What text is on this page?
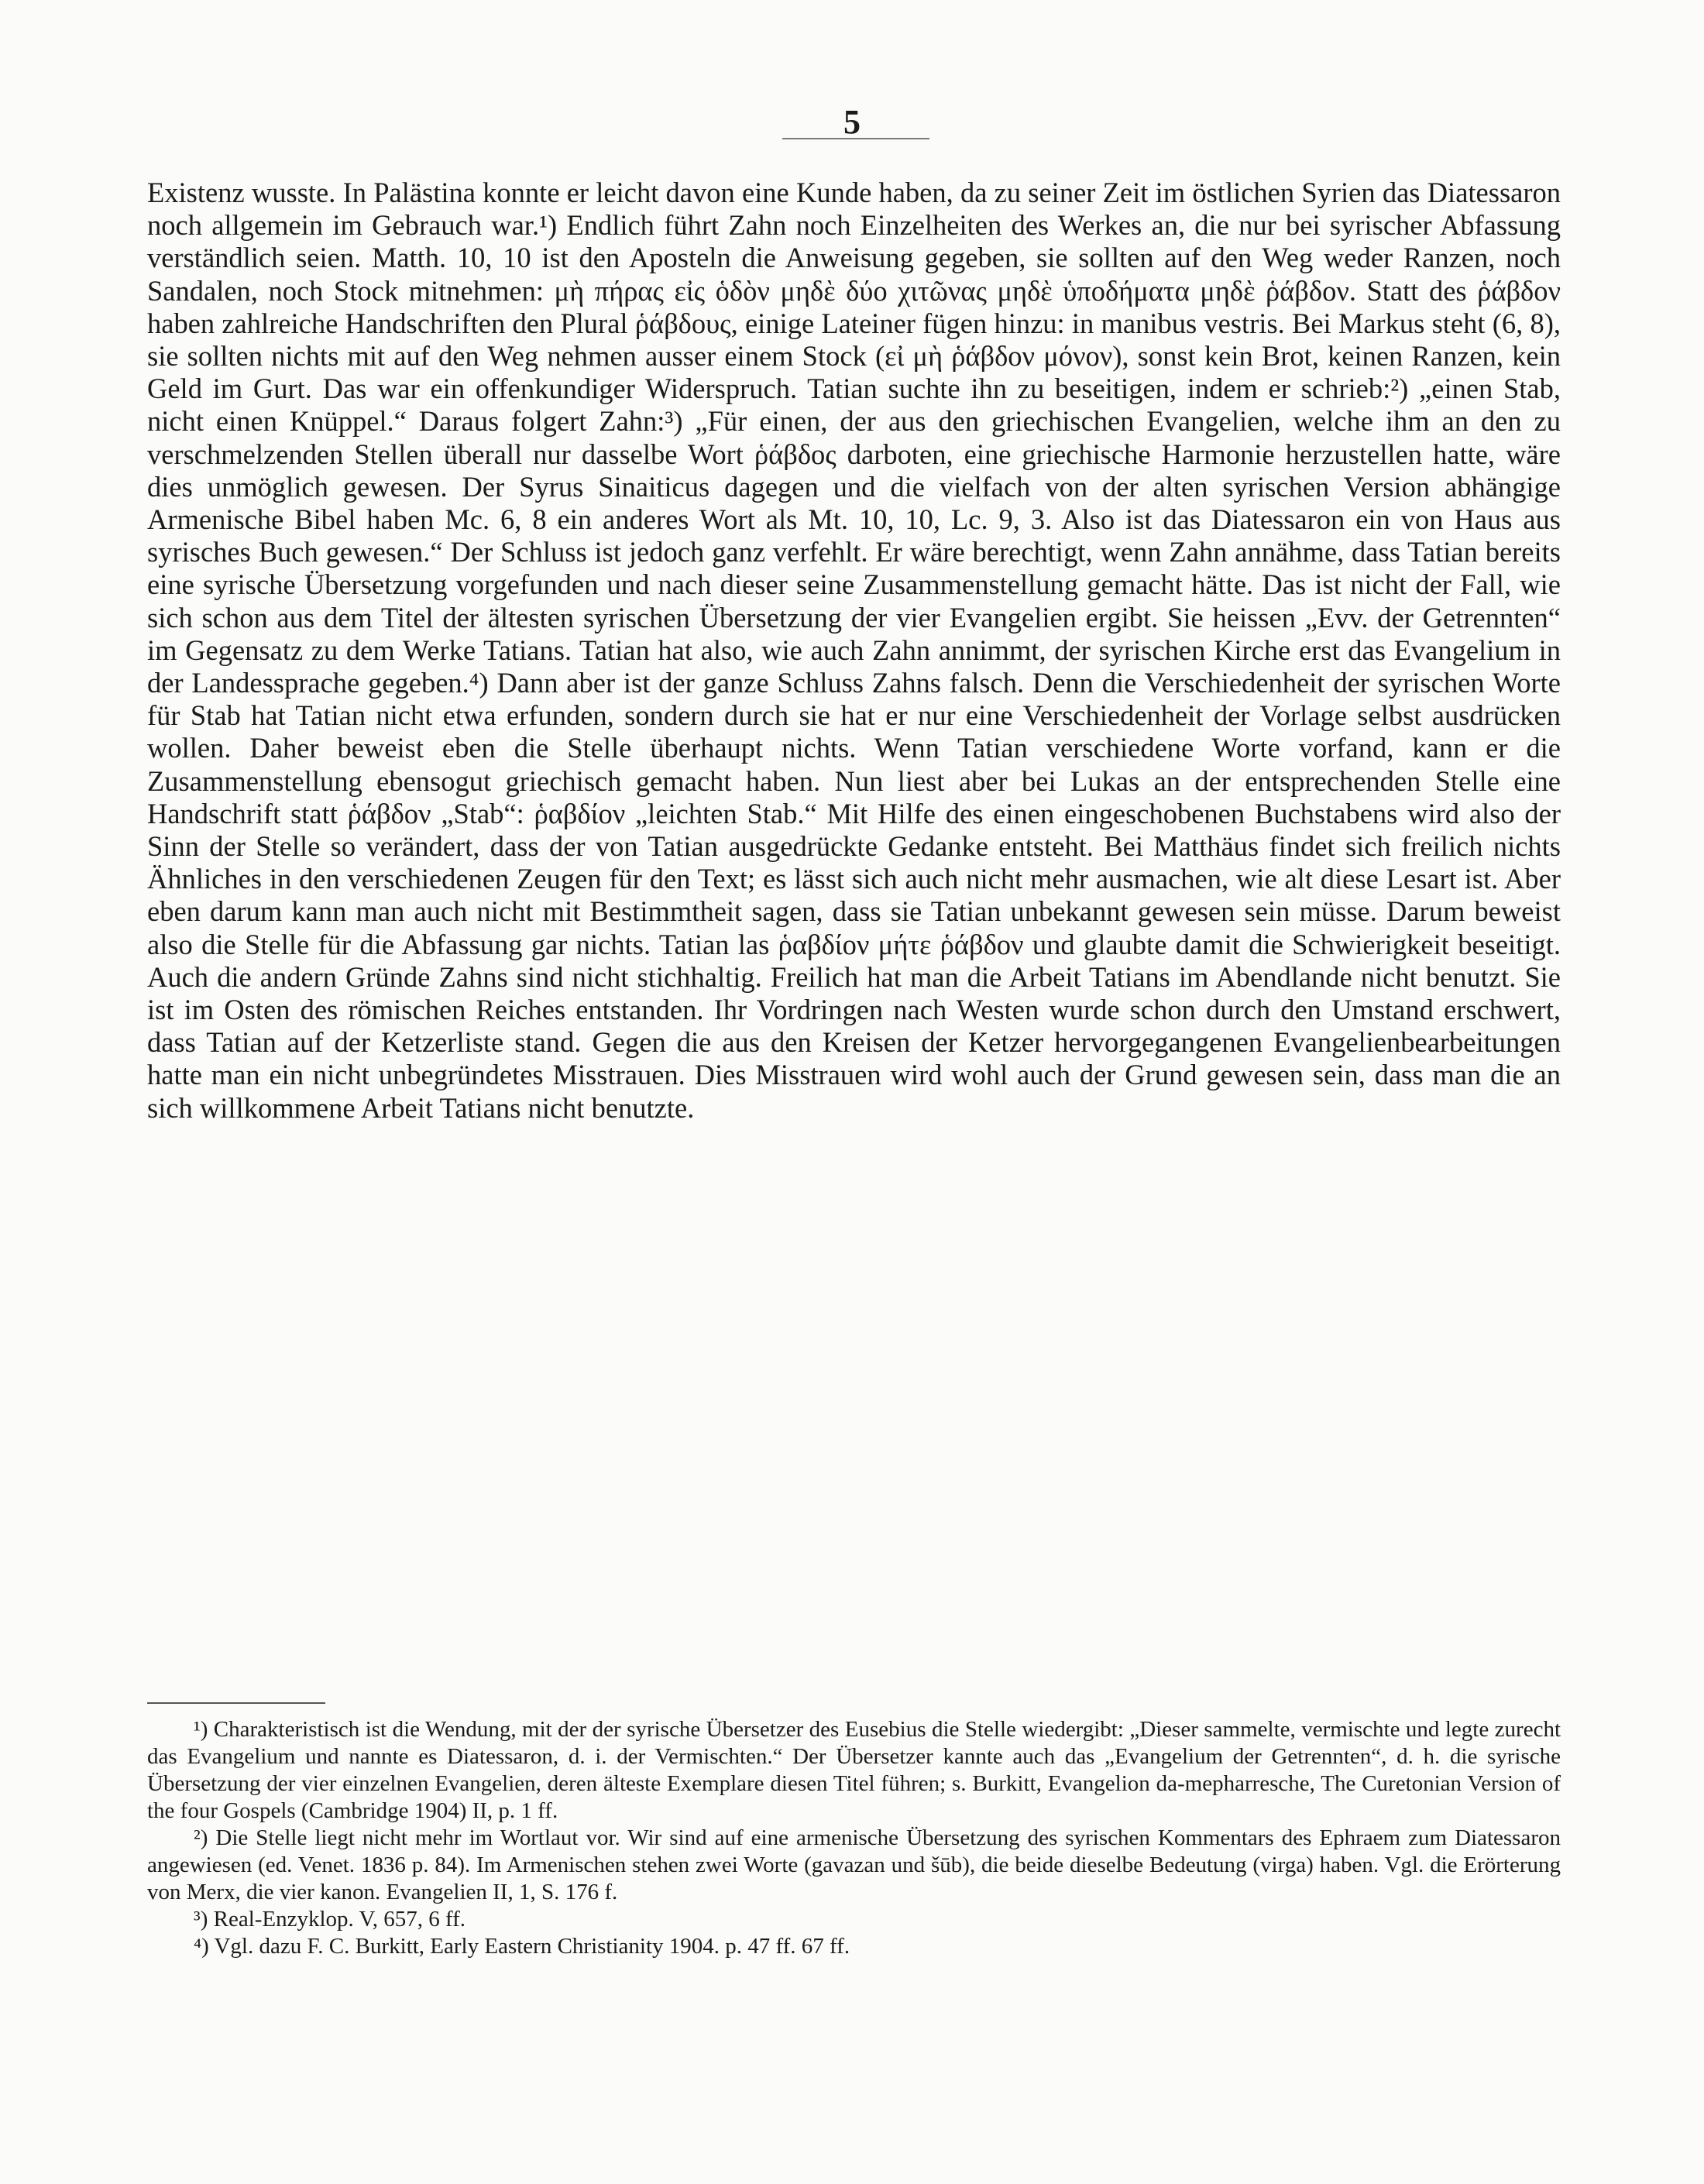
5

Existenz wusste. In Palästina konnte er leicht davon eine Kunde haben, da zu seiner Zeit im östlichen Syrien das Diatessaron noch allgemein im Gebrauch war.¹) Endlich führt Zahn noch Einzelheiten des Werkes an, die nur bei syrischer Abfassung verständlich seien. Matth. 10, 10 ist den Aposteln die Anweisung gegeben, sie sollten auf den Weg weder Ranzen, noch Sandalen, noch Stock mitnehmen: μὴ πήρας εἰς ὁδὸν μηδὲ δύο χιτῶνας μηδὲ ὑποδήματα μηδὲ ῥάβδον. Statt des ῥάβδον haben zahlreiche Handschriften den Plural ῥάβδους, einige Lateiner fügen hinzu: in manibus vestris. Bei Markus steht (6, 8), sie sollten nichts mit auf den Weg nehmen ausser einem Stock (εἰ μὴ ῥάβδον μόνον), sonst kein Brot, keinen Ranzen, kein Geld im Gurt. Das war ein offenkundiger Widerspruch. Tatian suchte ihn zu beseitigen, indem er schrieb:²) „einen Stab, nicht einen Knüppel.“ Daraus folgert Zahn:³) „Für einen, der aus den griechischen Evangelien, welche ihm an den zu verschmelzenden Stellen überall nur dasselbe Wort ῥάβδος darboten, eine griechische Harmonie herzustellen hatte, wäre dies unmöglich gewesen. Der Syrus Sinaiticus dagegen und die vielfach von der alten syrischen Version abhängige Armenische Bibel haben Mc. 6, 8 ein anderes Wort als Mt. 10, 10, Lc. 9, 3. Also ist das Diatessaron ein von Haus aus syrisches Buch gewesen.“ Der Schluss ist jedoch ganz verfehlt. Er wäre berechtigt, wenn Zahn annähme, dass Tatian bereits eine syrische Übersetzung vorgefunden und nach dieser seine Zusammenstellung gemacht hätte. Das ist nicht der Fall, wie sich schon aus dem Titel der ältesten syrischen Übersetzung der vier Evangelien ergibt. Sie heissen „Evv. der Getrennten“ im Gegensatz zu dem Werke Tatians. Tatian hat also, wie auch Zahn annimmt, der syrischen Kirche erst das Evangelium in der Landessprache gegeben.⁴) Dann aber ist der ganze Schluss Zahns falsch. Denn die Verschiedenheit der syrischen Worte für Stab hat Tatian nicht etwa erfunden, sondern durch sie hat er nur eine Verschiedenheit der Vorlage selbst ausdrücken wollen. Daher beweist eben die Stelle überhaupt nichts. Wenn Tatian verschiedene Worte vorfand, kann er die Zusammenstellung ebensogut griechisch gemacht haben. Nun liest aber bei Lukas an der entsprechenden Stelle eine Handschrift statt ῥάβδον „Stab“: ῥαβδίον „leichten Stab.“ Mit Hilfe des einen eingeschobenen Buchstabens wird also der Sinn der Stelle so verändert, dass der von Tatian ausgedrückte Gedanke entsteht. Bei Matthäus findet sich freilich nichts Ähnliches in den verschiedenen Zeugen für den Text; es lässt sich auch nicht mehr ausmachen, wie alt diese Lesart ist. Aber eben darum kann man auch nicht mit Bestimmtheit sagen, dass sie Tatian unbekannt gewesen sein müsse. Darum beweist also die Stelle für die Abfassung gar nichts. Tatian las ῥαβδίον μήτε ῥάβδον und glaubte damit die Schwierigkeit beseitigt. Auch die andern Gründe Zahns sind nicht stichhaltig. Freilich hat man die Arbeit Tatians im Abendlande nicht benutzt. Sie ist im Osten des römischen Reiches entstanden. Ihr Vordringen nach Westen wurde schon durch den Umstand erschwert, dass Tatian auf der Ketzerliste stand. Gegen die aus den Kreisen der Ketzer hervorgegangenen Evangelienbearbeitungen hatte man ein nicht unbegründetes Misstrauen. Dies Misstrauen wird wohl auch der Grund gewesen sein, dass man die an sich willkommene Arbeit Tatians nicht benutzte.

¹) Charakteristisch ist die Wendung, mit der der syrische Übersetzer des Eusebius die Stelle wiedergibt: „Dieser sammelte, vermischte und legte zurecht das Evangelium und nannte es Diatessaron, d. i. der Vermischten.“ Der Übersetzer kannte auch das „Evangelium der Getrennten“, d. h. die syrische Übersetzung der vier einzelnen Evangelien, deren älteste Exemplare diesen Titel führen; s. Burkitt, Evangelion da-mepharresche, The Curetonian Version of the four Gospels (Cambridge 1904) II, p. 1 ff.

²) Die Stelle liegt nicht mehr im Wortlaut vor. Wir sind auf eine armenische Übersetzung des syrischen Kommentars des Ephraem zum Diatessaron angewiesen (ed. Venet. 1836 p. 84). Im Armenischen stehen zwei Worte (gavazan und šūb), die beide dieselbe Bedeutung (virga) haben. Vgl. die Erörterung von Merx, die vier kanon. Evangelien II, 1, S. 176 f.

³) Real-Enzyklop. V, 657, 6 ff.

⁴) Vgl. dazu F. C. Burkitt, Early Eastern Christianity 1904. p. 47 ff. 67 ff.
